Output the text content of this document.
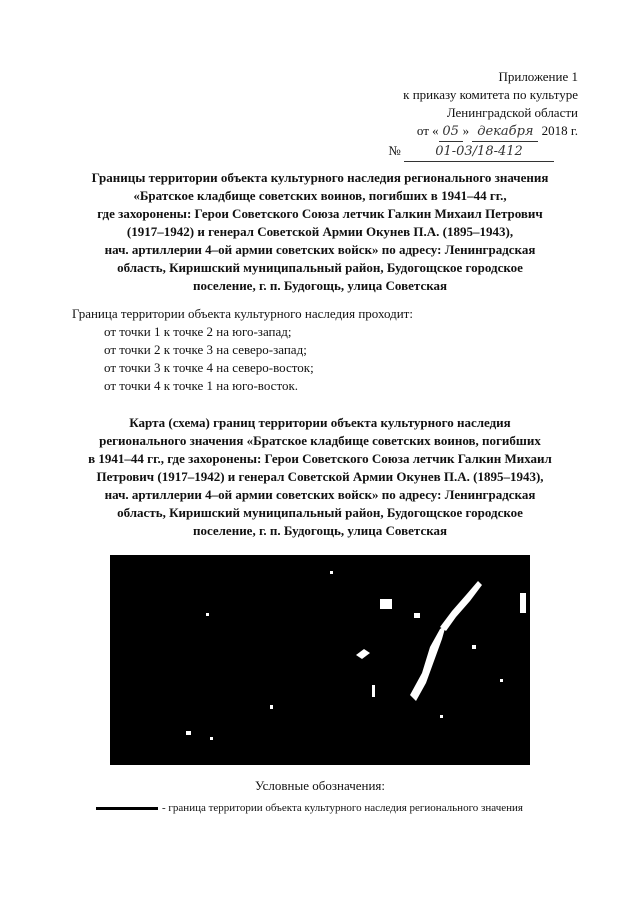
Приложение 1
к приказу комитета по культуре
Ленинградской области
от « 05 » декабря 2018 г.
№	01-03/18-412
Границы территории объекта культурного наследия регионального значения
«Братское кладбище советских воинов, погибших в 1941–44 гг.,
где захоронены: Герои Советского Союза летчик Галкин Михаил Петрович
(1917–1942) и генерал Советской Армии Окунев П.А. (1895–1943),
нач. артиллерии 4–ой армии советских войск» по адресу: Ленинградская
область, Киришский муниципальный район, Будогощское городское
поселение, г. п. Будогощь, улица Советская
Граница территории объекта культурного наследия проходит:
от точки 1 к точке 2 на юго-запад;
от точки 2 к точке 3 на северо-запад;
от точки 3 к точке 4 на северо-восток;
от точки 4 к точке 1 на юго-восток.
Карта (схема) границ территории объекта культурного наследия
регионального значения «Братское кладбище советских воинов, погибших
в 1941–44 гг., где захоронены: Герои Советского Союза летчик Галкин Михаил
Петрович (1917–1942) и генерал Советской Армии Окунев П.А. (1895–1943),
нач. артиллерии 4–ой армии советских войск» по адресу: Ленинградская
область, Киришский муниципальный район, Будогощское городское
поселение, г. п. Будогощь, улица Советская
Условные обозначения:
- граница территории объекта культурного наследия регионального значения
